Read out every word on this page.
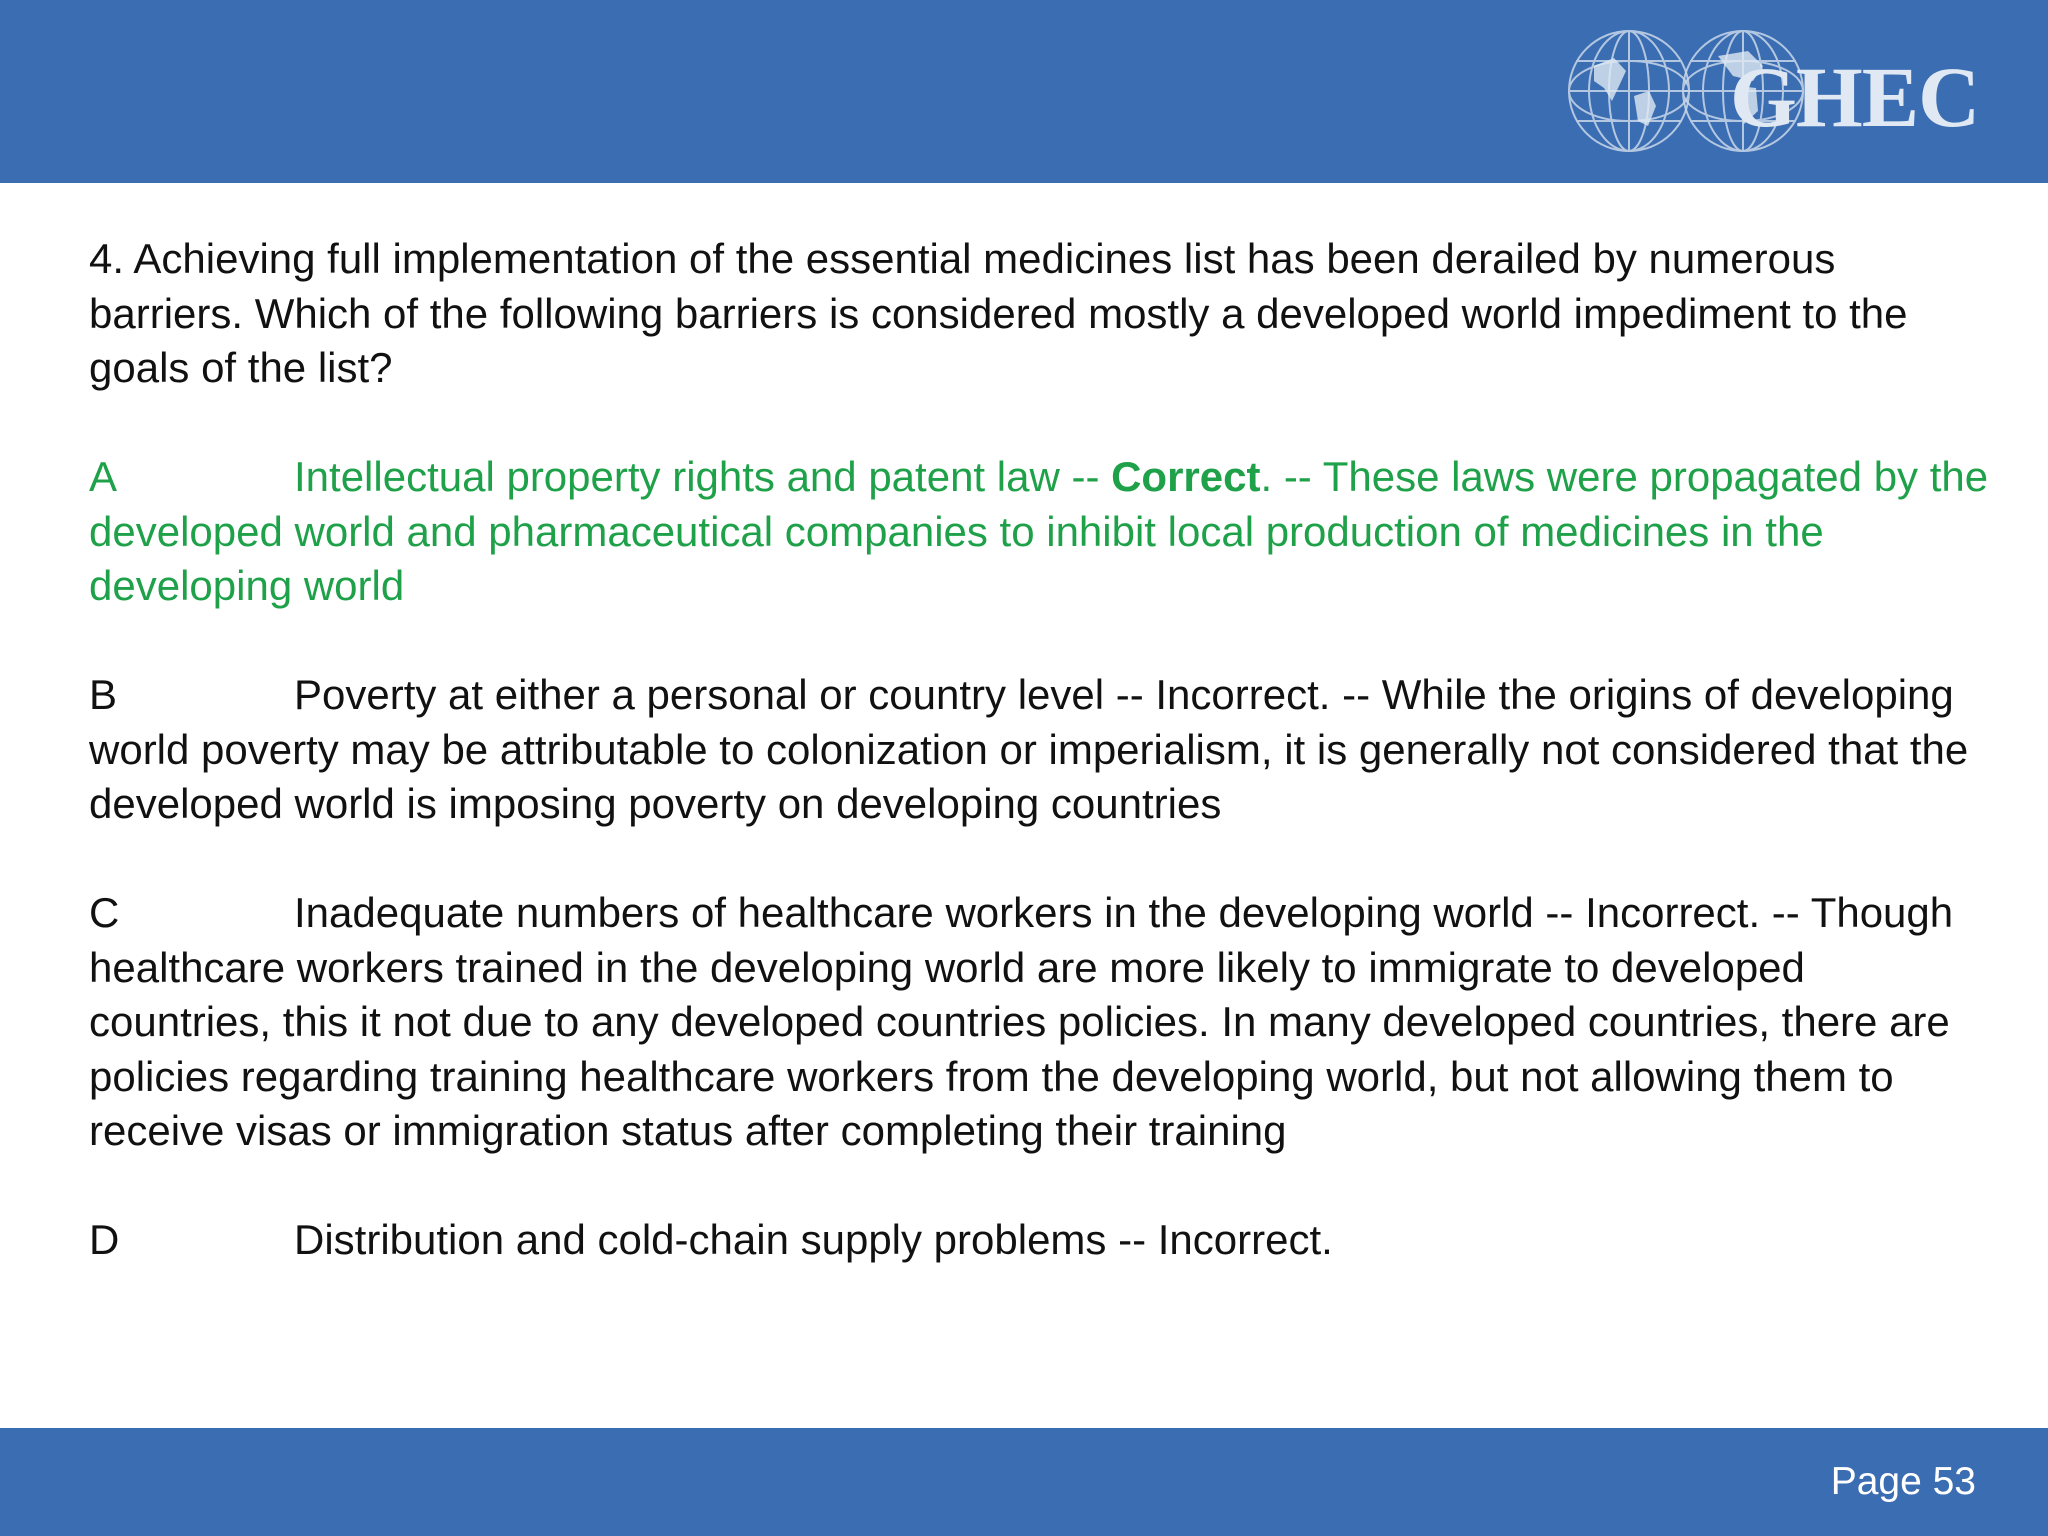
GHEC

4. Achieving full implementation of the essential medicines list has been derailed by numerous barriers. Which of the following barriers is considered mostly a developed world impediment to the goals of the list?

A	Intellectual property rights and patent law -- Correct. -- These laws were propagated by the developed world and pharmaceutical companies to inhibit local production of medicines in the developing world

B	Poverty at either a personal or country level -- Incorrect. -- While the origins of developing world poverty may be attributable to colonization or imperialism, it is generally not considered that the developed world is imposing poverty on developing countries

C	Inadequate numbers of healthcare workers in the developing world -- Incorrect. -- Though healthcare workers trained in the developing world are more likely to immigrate to developed countries, this it not due to any developed countries policies. In many developed countries, there are policies regarding training healthcare workers from the developing world, but not allowing them to receive visas or immigration status after completing their training

D	Distribution and cold-chain supply problems -- Incorrect.

Page 53
